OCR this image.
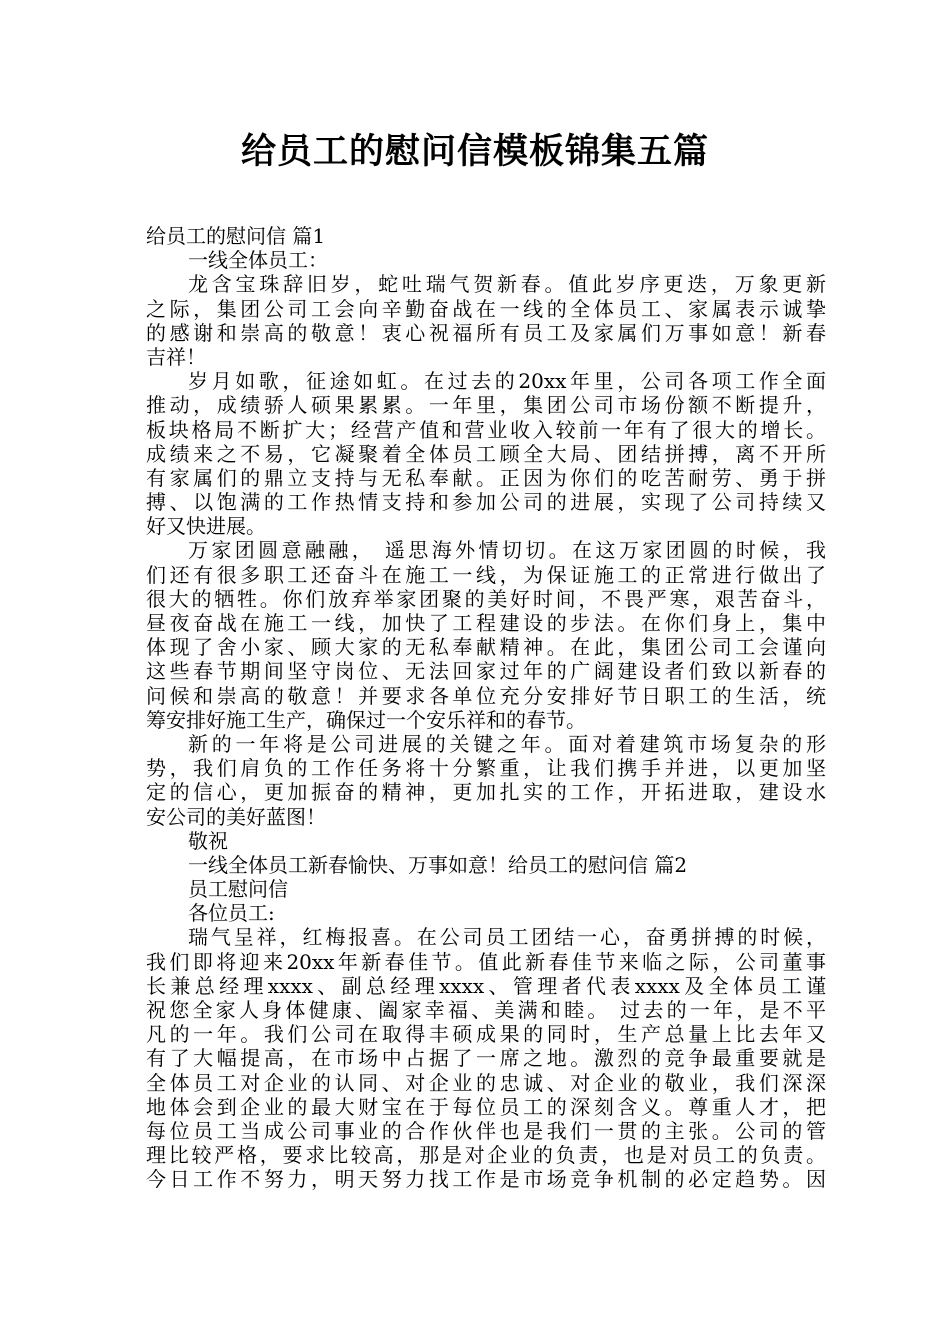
给员工的慰问信模板锦集五篇
给员工的慰问信 篇1
一线全体员工：
龙含宝珠辞旧岁，蛇吐瑞气贺新春。值此岁序更迭，万象更新
之际，集团公司工会向辛勤奋战在一线的全体员工、家属表示诚挚
的感谢和崇高的敬意！衷心祝福所有员工及家属们万事如意！新春
吉祥！
岁月如歌，征途如虹。在过去的20xx年里，公司各项工作全面
推动，成绩骄人硕果累累。一年里，集团公司市场份额不断提升，
板块格局不断扩大；经营产值和营业收入较前一年有了很大的增长。
成绩来之不易，它凝聚着全体员工顾全大局、团结拼搏，离不开所
有家属们的鼎立支持与无私奉献。正因为你们的吃苦耐劳、勇于拼
搏、以饱满的工作热情支持和参加公司的进展，实现了公司持续又
好又快进展。
万家团圆意融融， 遥思海外情切切。在这万家团圆的时候，我
们还有很多职工还奋斗在施工一线，为保证施工的正常进行做出了
很大的牺牲。你们放弃举家团聚的美好时间，不畏严寒，艰苦奋斗，
昼夜奋战在施工一线，加快了工程建设的步法。在你们身上，集中
体现了舍小家、顾大家的无私奉献精神。在此，集团公司工会谨向
这些春节期间坚守岗位、无法回家过年的广阔建设者们致以新春的
问候和崇高的敬意！并要求各单位充分安排好节日职工的生活，统
筹安排好施工生产，确保过一个安乐祥和的春节。
新的一年将是公司进展的关键之年。面对着建筑市场复杂的形
势，我们肩负的工作任务将十分繁重，让我们携手并进，以更加坚
定的信心，更加振奋的精神，更加扎实的工作，开拓进取，建设水
安公司的美好蓝图！
敬祝
一线全体员工新春愉快、万事如意！给员工的慰问信 篇2
员工慰问信
各位员工:
瑞气呈祥，红梅报喜。在公司员工团结一心，奋勇拼搏的时候，
我们即将迎来20xx年新春佳节。值此新春佳节来临之际，公司董事
长兼总经理xxxx、副总经理xxxx、管理者代表xxxx及全体员工谨
祝您全家人身体健康、阖家幸福、美满和睦。 过去的一年，是不平
凡的一年。我们公司在取得丰硕成果的同时，生产总量上比去年又
有了大幅提高，在市场中占据了一席之地。激烈的竞争最重要就是
全体员工对企业的认同、对企业的忠诚、对企业的敬业，我们深深
地体会到企业的最大财宝在于每位员工的深刻含义。尊重人才，把
每位员工当成公司事业的合作伙伴也是我们一贯的主张。公司的管
理比较严格，要求比较高，那是对企业的负责，也是对员工的负责。
今日工作不努力，明天努力找工作是市场竞争机制的必定趋势。因
